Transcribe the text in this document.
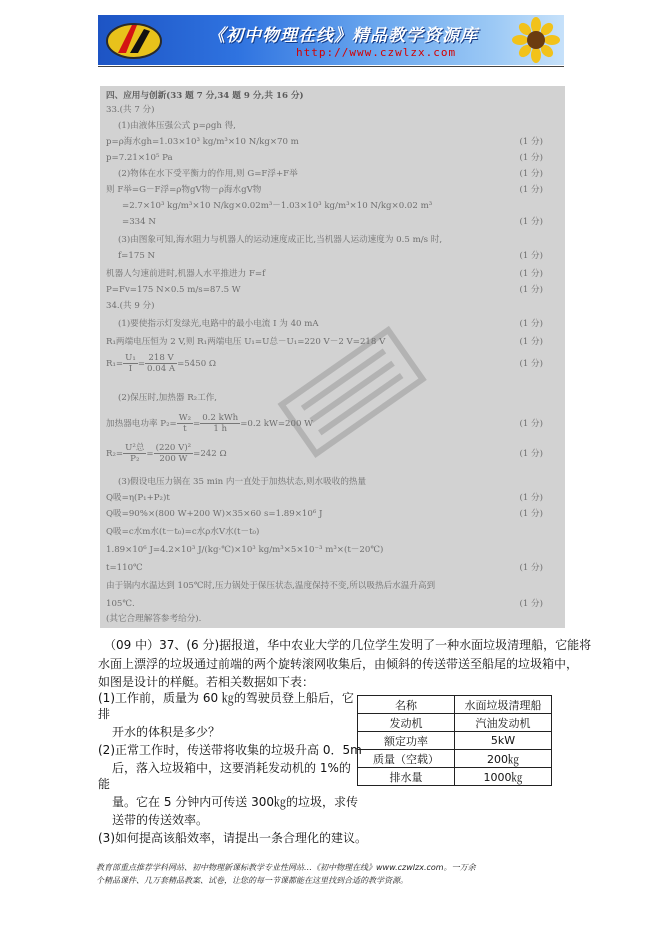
《初中物理在线》精品教学资源库
http://www.czwlzx.com
四、应用与创新(33 题 7 分,34 题 9 分,共 16 分)
33.(共 7 分)
(1)由液体压强公式 p=ρgh 得,
p=ρ海水gh=1.03×10³ kg/m³×10 N/kg×70 m	(1 分)
p=7.21×10⁵ Pa	(1 分)
(2)物体在水下受平衡力的作用,则 G=F浮+F举	(1 分)
则 F举=G－F浮=ρ物gV物－ρ海水gV物	(1 分)
=2.7×10³ kg/m³×10 N/kg×0.02m³－1.03×10³ kg/m³×10 N/kg×0.02 m³
=334 N	(1 分)
(3)由图象可知,海水阻力与机器人的运动速度成正比,当机器人运动速度为 0.5 m/s 时,
f=175 N	(1 分)
机器人匀速前进时,机器人水平推进力 F=f	(1 分)
P=Fv=175 N×0.5 m/s=87.5 W	(1 分)
34.(共 9 分)
(1)要使指示灯发绿光,电路中的最小电流 I 为 40 mA	(1 分)
R₁两端电压恒为 2 V,则 R₁两端电压 U₁=U总－U₁=220 V－2 V=218 V	(1 分)
$R_1= \frac{\text{U₁}}{I} = \frac{218 V}{0.04 A} =5450$ Ω	(1 分)
(2)保压时,加热器 R₂工作,
加热器电功率 $P_2= \frac{\text{W₂}}{t} = \frac{\text{0.2 kWh}}{1 h} =0.2$ kW=200 W	(1 分)
$R_2= \frac{\text{U²总}}{\text{P₂}} = \frac{\text{(220 V)²}}{200 W} =242$ Ω	(1 分)
(3)假设电压力锅在 35 min 内一直处于加热状态,则水吸收的热量
Q吸=η(P₁+P₂)t	(1 分)
Q吸=90%×(800 W+200 W)×35×60 s=1.89×10⁶ J	(1 分)
Q吸=c水m水(t－t₀)=c水ρ水V水(t－t₀)
1.89×10⁶ J=4.2×10³ J/(kg·℃)×10³ kg/m³×5×10⁻³ m³×(t－20℃)
t=110℃	(1 分)
由于锅内水温达到 105℃时,压力锅处于保压状态,温度保持不变,所以吸热后水温升高到
105℃.	(1 分)
(其它合理解答参考给分).
（09 中）37、(6 分)据报道，华中农业大学的几位学生发明了一种水面垃圾清理船，它能将
水面上漂浮的垃圾通过前端的两个旋转滚网收集后，由倾斜的传送带送至船尾的垃圾箱中，
如图是设计的样艇。若相关数据如下表：
(1)工作前，质量为 60 ㎏的驾驶员登上船后，它
排
开水的体积是多少？
(2)正常工作时，传送带将收集的垃圾升高 0．5m
后，落入垃圾箱中，这要消耗发动机的 1%的
能
量。它在 5 分钟内可传送 300㎏的垃圾，求传
送带的传送效率。
(3)如何提高该船效率，请提出一条合理化的建议。
名称	水面垃圾清理船
发动机	汽油发动机
额定功率	5kW
质量（空载）	200㎏
排水量	1000㎏
教育部重点推荐学科网站、初中物理新课标教学专业性网站…《初中物理在线》www.czwlzx.com。一万余
个精品课件、几万套精品教案、试卷，让您的每一节课都能在这里找到合适的教学资源。
